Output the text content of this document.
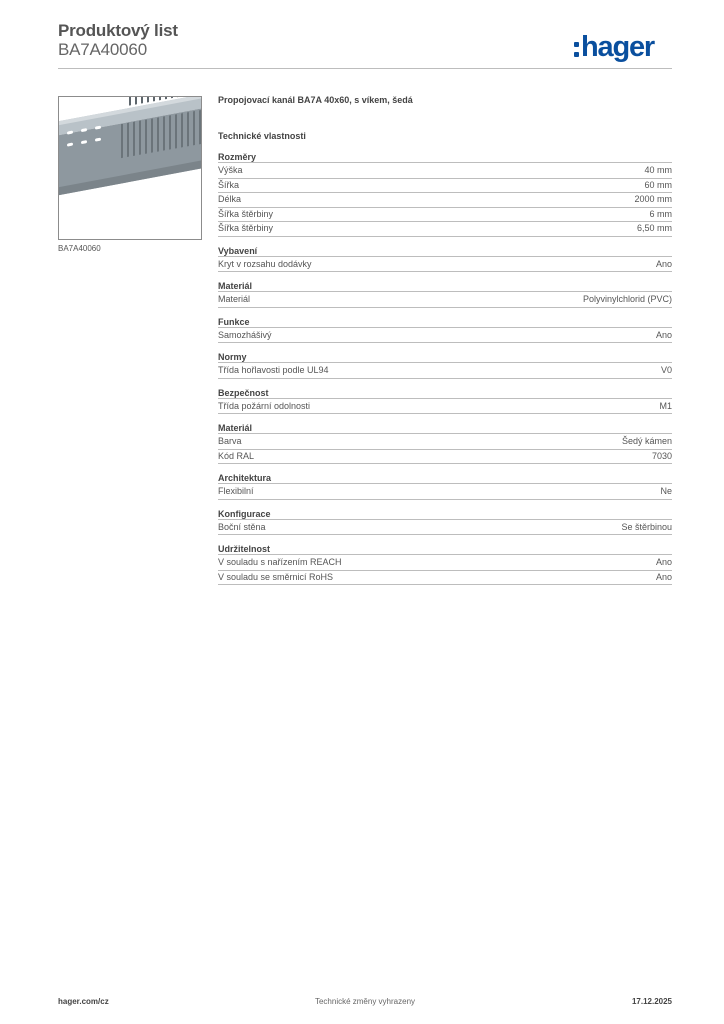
Produktový list
BA7A40060	hager
BA7A40060
Propojovací kanál BA7A 40x60, s víkem, šedá
Technické vlastnosti
Rozměry
Výška	40 mm
Šířka	60 mm
Délka	2000 mm
Šířka štěrbiny	6 mm
Šířka štěrbiny	6,50 mm
Vybavení
Kryt v rozsahu dodávky	Ano
Materiál
Materiál	Polyvinylchlorid (PVC)
Funkce
Samozhášivý	Ano
Normy
Třída hořlavosti podle UL94	V0
Bezpečnost
Třída požární odolnosti	M1
Materiál
Barva	Šedý kámen
Kód RAL	7030
Architektura
Flexibilní	Ne
Konfigurace
Boční stěna	Se štěrbinou
Udržitelnost
V souladu s nařízením REACH	Ano
V souladu se směrnicí RoHS	Ano
hager.com/cz	Technické změny vyhrazeny	17.12.2025
